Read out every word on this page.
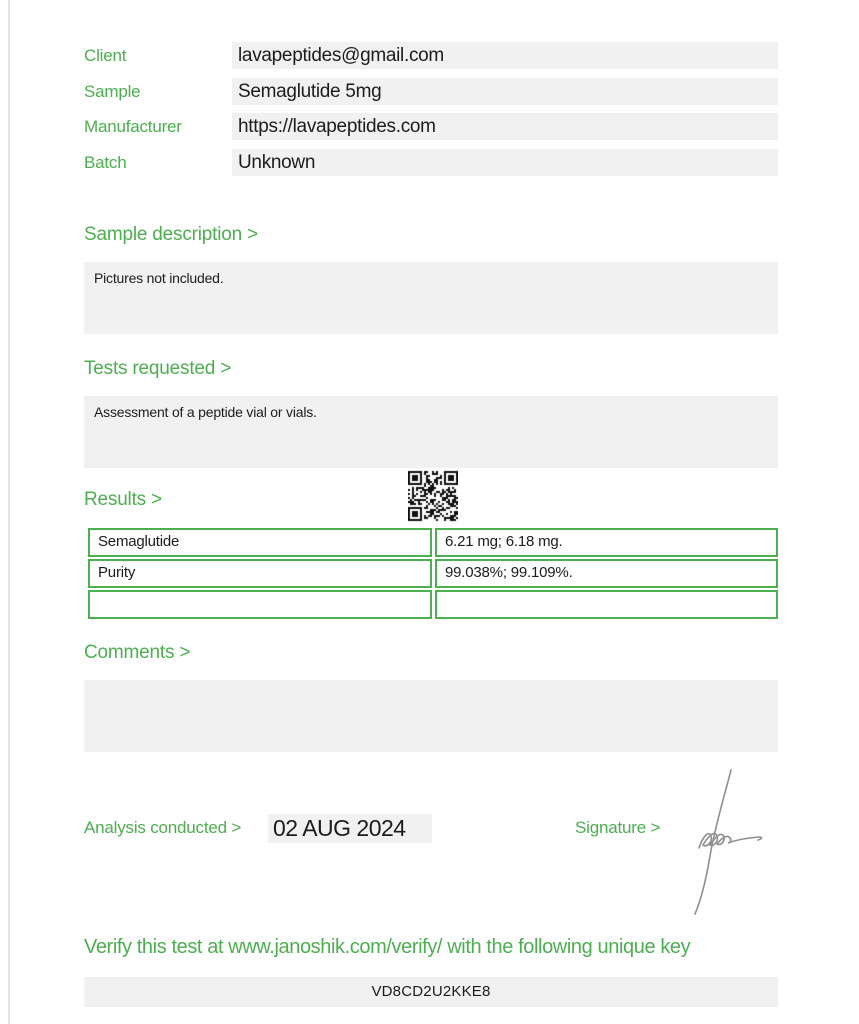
Client	lavapeptides@gmail.com
Sample	Semaglutide 5mg
Manufacturer	https://lavapeptides.com
Batch	Unknown
Sample description >
Pictures not included.
Tests requested >
Assessment of a peptide vial or vials.
Results >
Semaglutide	6.21 mg; 6.18 mg.
Purity	99.038%; 99.109%.
Comments >
Analysis conducted > 02 AUG 2024	Signature >
Verify this test at www.janoshik.com/verify/ with the following unique key
VD8CD2U2KKE8
